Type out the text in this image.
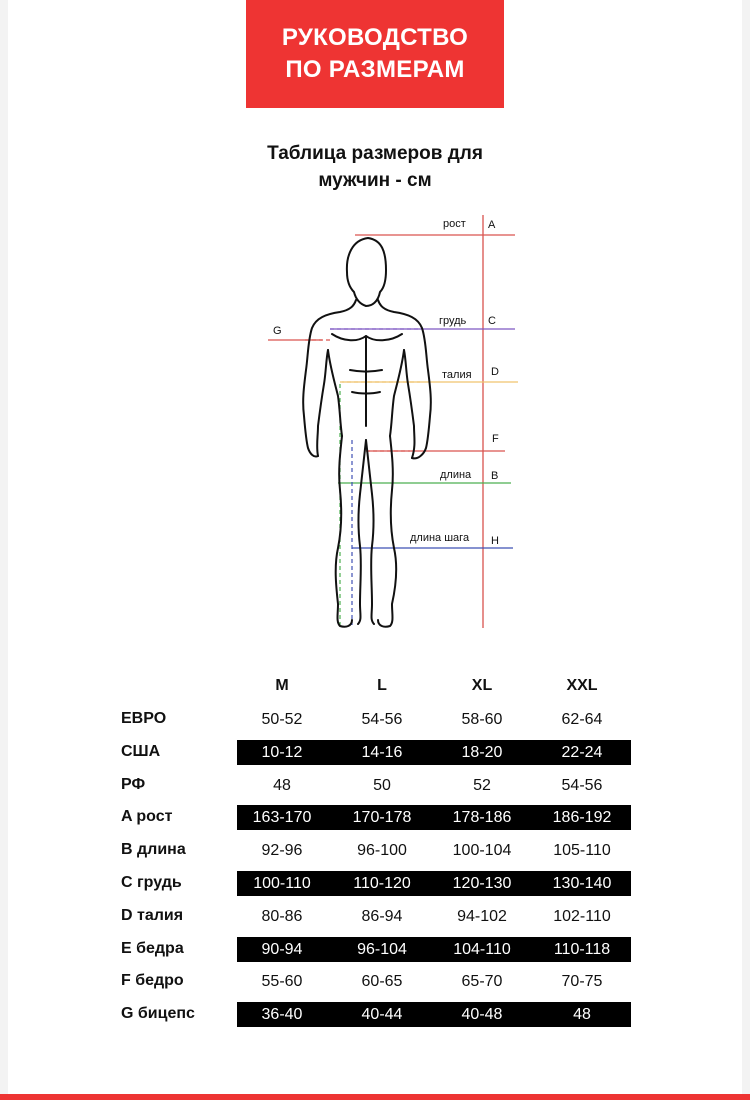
РУКОВОДСТВО
ПО РАЗМЕРАМ
Таблица размеров для
мужчин - см
рост A
грудь C
талия D
F
длина B
длина шага H
G
M	L	XL	XXL
ЕВРО	50-52	54-56	58-60	62-64
США	10-12	14-16	18-20	22-24
РФ	48	50	52	54-56
A рост	163-170	170-178	178-186	186-192
B длина	92-96	96-100	100-104	105-110
C грудь	100-110	110-120	120-130	130-140
D талия	80-86	86-94	94-102	102-110
E бедра	90-94	96-104	104-110	110-118
F бедро	55-60	60-65	65-70	70-75
G бицепс	36-40	40-44	40-48	48
